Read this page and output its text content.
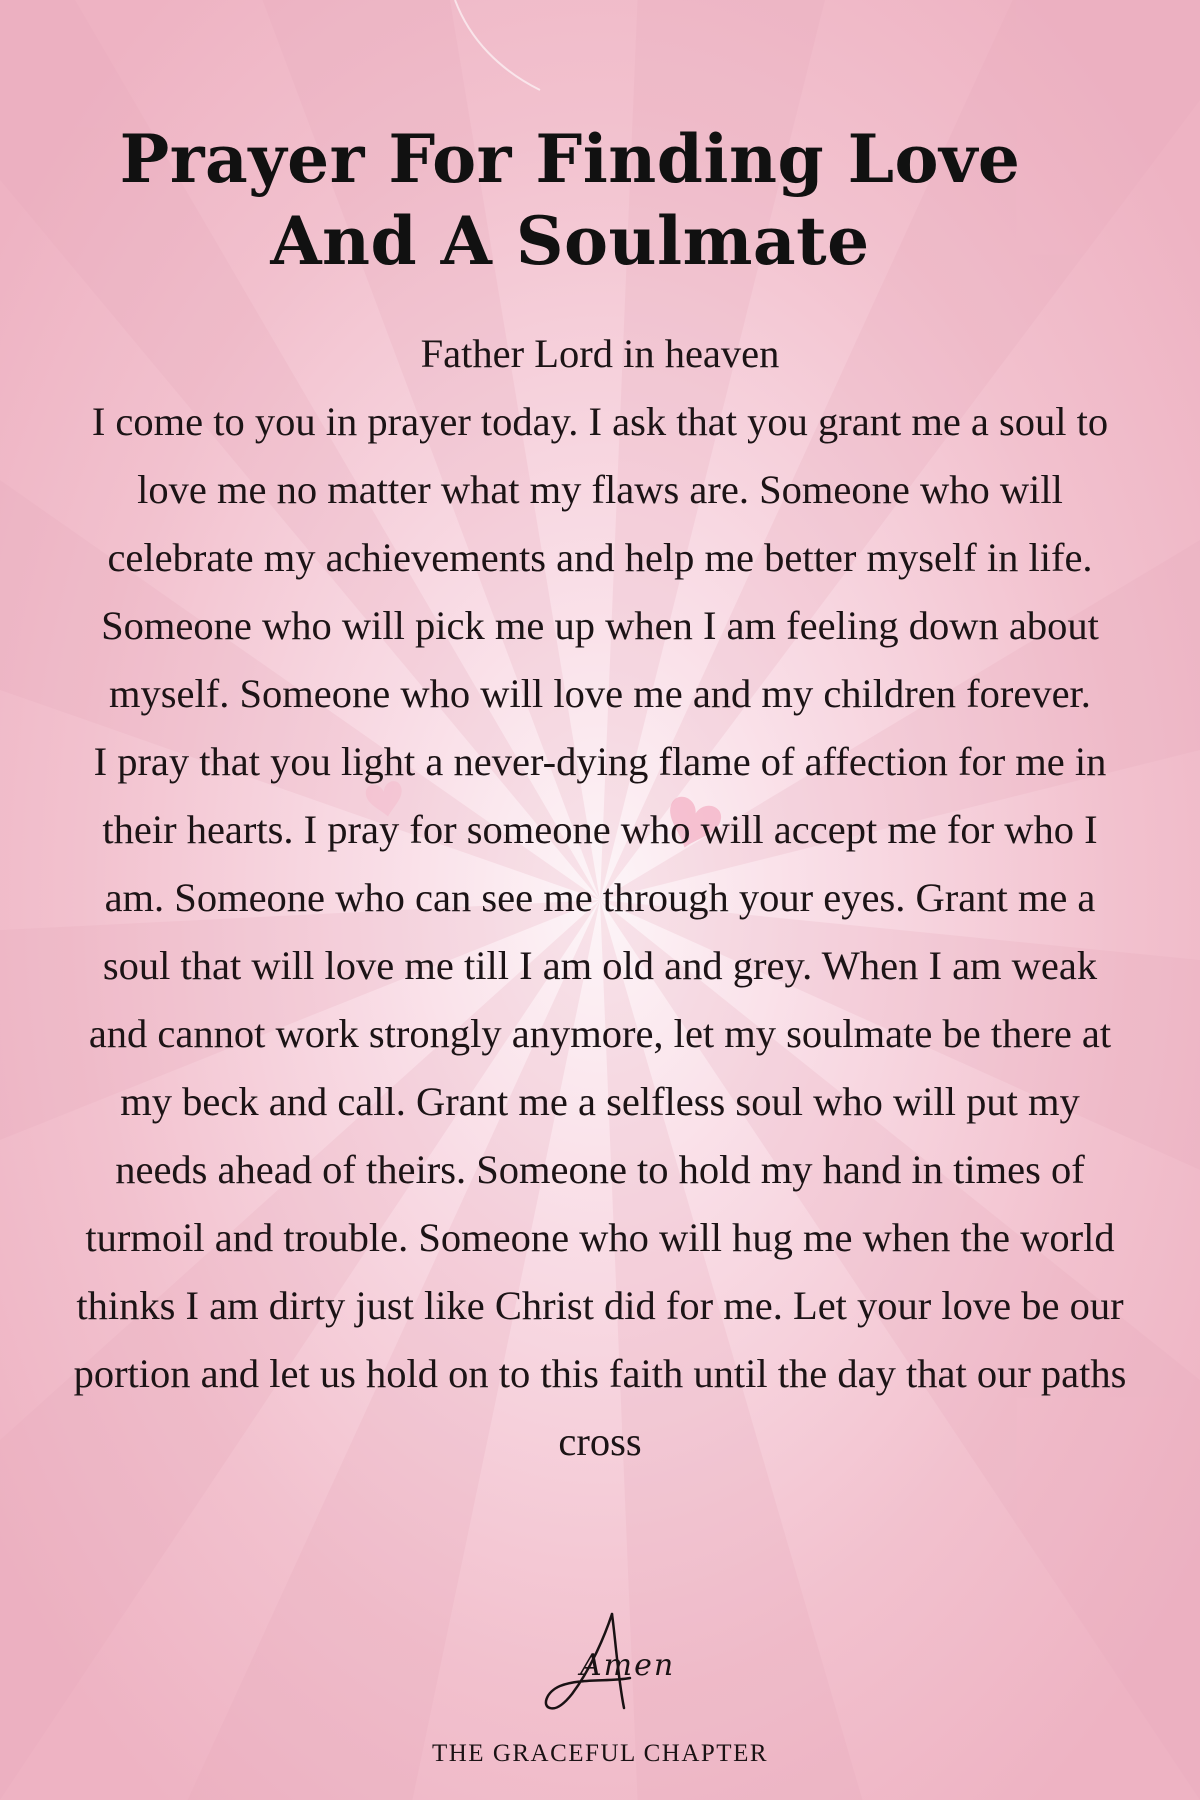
Prayer For Finding Love
And A Soulmate

Father Lord in heaven

I come to you in prayer today. I ask that you grant me a soul to love me no matter what my flaws are. Someone who will celebrate my achievements and help me better myself in life. Someone who will pick me up when I am feeling down about myself. Someone who will love me and my children forever.

I pray that you light a never-dying flame of affection for me in their hearts. I pray for someone who will accept me for who I am. Someone who can see me through your eyes. Grant me a soul that will love me till I am old and grey. When I am weak and cannot work strongly anymore, let my soulmate be there at my beck and call. Grant me a selfless soul who will put my needs ahead of theirs. Someone to hold my hand in times of turmoil and trouble. Someone who will hug me when the world thinks I am dirty just like Christ did for me. Let your love be our portion and let us hold on to this faith until the day that our paths cross

Amen
THE GRACEFUL CHAPTER
